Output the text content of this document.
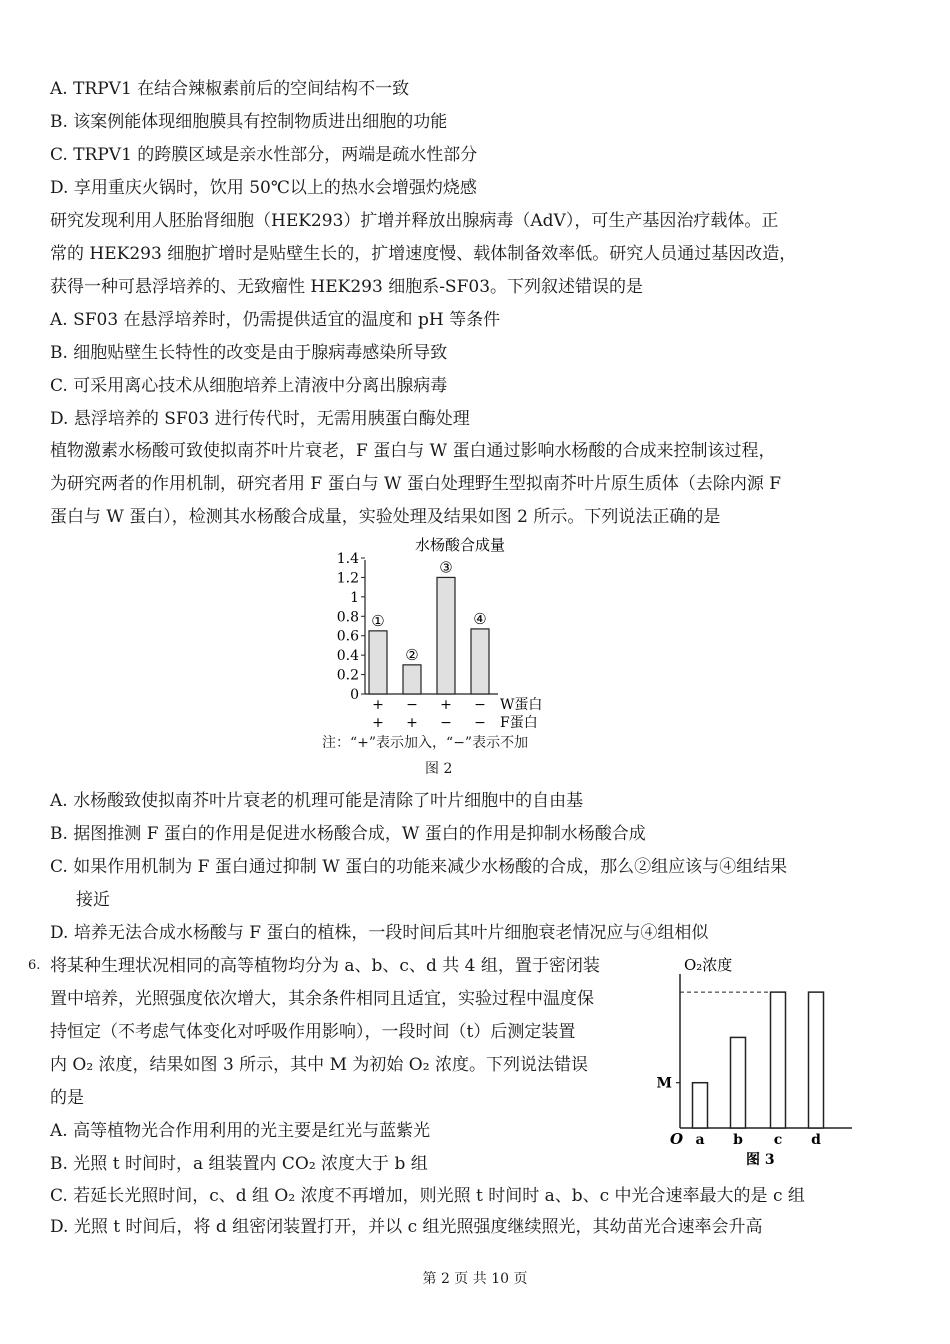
A. TRPV1 在结合辣椒素前后的空间结构不一致
B. 该案例能体现细胞膜具有控制物质进出细胞的功能
C. TRPV1 的跨膜区域是亲水性部分，两端是疏水性部分
D. 享用重庆火锅时，饮用 50℃以上的热水会增强灼烧感
研究发现利用人胚胎肾细胞（HEK293）扩增并释放出腺病毒（AdV），可生产基因治疗载体。正
常的 HEK293 细胞扩增时是贴壁生长的，扩增速度慢、载体制备效率低。研究人员通过基因改造，
获得一种可悬浮培养的、无致瘤性 HEK293 细胞系-SF03。下列叙述错误的是
A. SF03 在悬浮培养时，仍需提供适宜的温度和 pH 等条件
B. 细胞贴壁生长特性的改变是由于腺病毒感染所导致
C. 可采用离心技术从细胞培养上清液中分离出腺病毒
D. 悬浮培养的 SF03 进行传代时，无需用胰蛋白酶处理
植物激素水杨酸可致使拟南芥叶片衰老，F 蛋白与 W 蛋白通过影响水杨酸的合成来控制该过程，
为研究两者的作用机制，研究者用 F 蛋白与 W 蛋白处理野生型拟南芥叶片原生质体（去除内源 F
蛋白与 W 蛋白），检测其水杨酸合成量，实验处理及结果如图 2 所示。下列说法正确的是
水杨酸合成量
0
0.2
0.4
0.6
0.8
1
1.2
1.4
①
+
+
②
−
+
③
+
−
④
−
−
W蛋白
F蛋白
注：“+”表示加入，“−”表示不加
图 2
A. 水杨酸致使拟南芥叶片衰老的机理可能是清除了叶片细胞中的自由基
B. 据图推测 F 蛋白的作用是促进水杨酸合成，W 蛋白的作用是抑制水杨酸合成
C. 如果作用机制为 F 蛋白通过抑制 W 蛋白的功能来减少水杨酸的合成，那么②组应该与④组结果
接近
D. 培养无法合成水杨酸与 F 蛋白的植株，一段时间后其叶片细胞衰老情况应与④组相似
6. 将某种生理状况相同的高等植物均分为 a、b、c、d 共 4 组，置于密闭装
置中培养，光照强度依次增大，其余条件相同且适宜，实验过程中温度保
持恒定（不考虑气体变化对呼吸作用影响），一段时间（t）后测定装置
内 O₂ 浓度，结果如图 3 所示，其中 M 为初始 O₂ 浓度。下列说法错误
的是
O₂浓度
O a b c d
M
图 3
A. 高等植物光合作用利用的光主要是红光与蓝紫光
B. 光照 t 时间时，a 组装置内 CO₂ 浓度大于 b 组
C. 若延长光照时间，c、d 组 O₂ 浓度不再增加，则光照 t 时间时 a、b、c 中光合速率最大的是 c 组
D. 光照 t 时间后，将 d 组密闭装置打开，并以 c 组光照强度继续照光，其幼苗光合速率会升高
第 2 页 共 10 页
